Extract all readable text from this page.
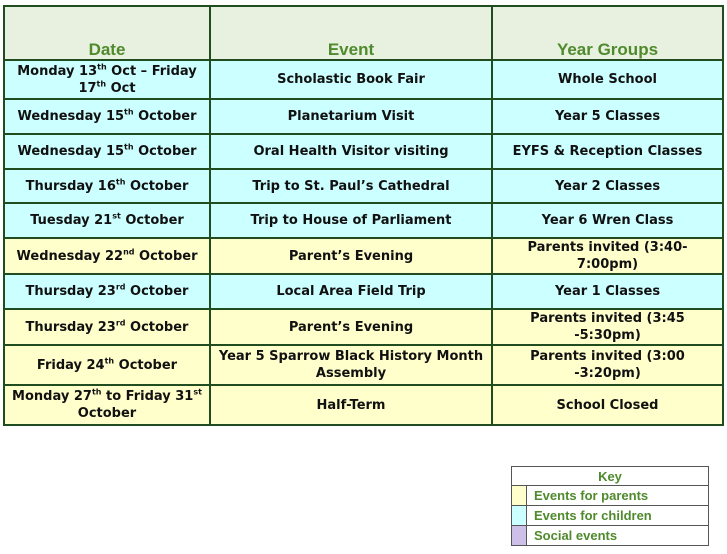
Date	Event	Year Groups
Monday 13th Oct – Friday 17th Oct	Scholastic Book Fair	Whole School
Wednesday 15th October	Planetarium Visit	Year 5 Classes
Wednesday 15th October	Oral Health Visitor visiting	EYFS & Reception Classes
Thursday 16th October	Trip to St. Paul’s Cathedral	Year 2 Classes
Tuesday 21st October	Trip to House of Parliament	Year 6 Wren Class
Wednesday 22nd October	Parent’s Evening	Parents invited (3:40-7:00pm)
Thursday 23rd October	Local Area Field Trip	Year 1 Classes
Thursday 23rd October	Parent’s Evening	Parents invited (3:45 -5:30pm)
Friday 24th October	Year 5 Sparrow Black History Month Assembly	Parents invited (3:00 -3:20pm)
Monday 27th to Friday 31st October	Half-Term	School Closed
Key	
	Events for parents
	Events for children
	Social events
